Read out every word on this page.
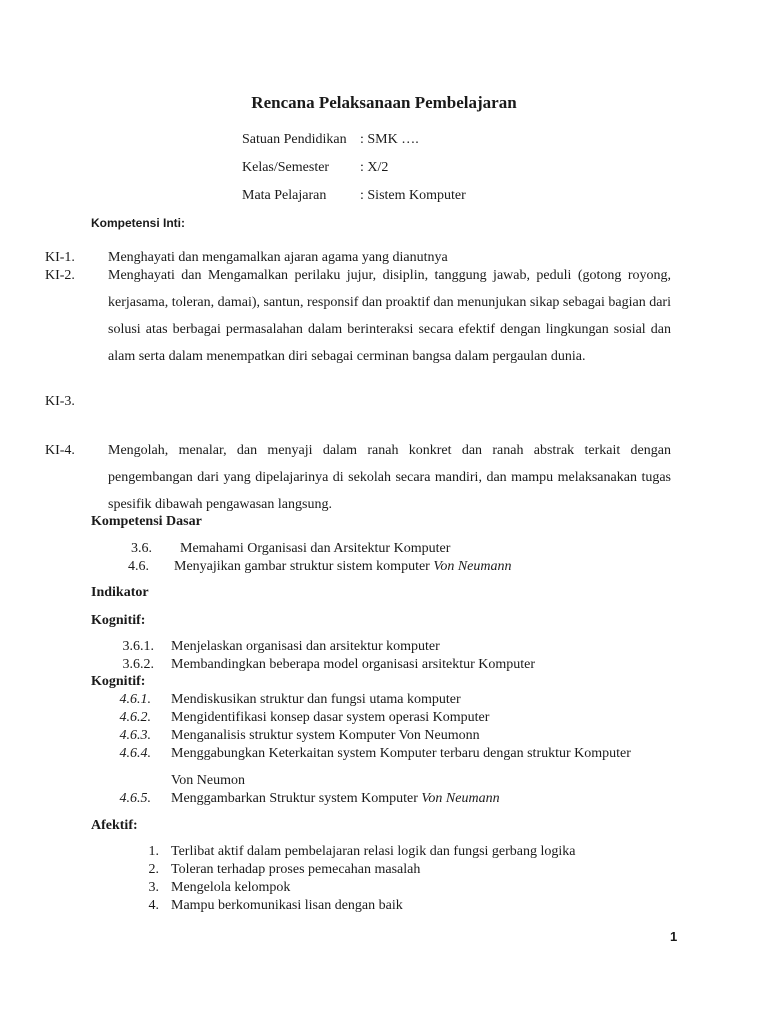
Rencana Pelaksanaan Pembelajaran
Satuan Pendidikan : SMK ….
Kelas/Semester : X/2
Mata Pelajaran : Sistem Komputer
Kompetensi Inti:
KI-1. Menghayati dan mengamalkan ajaran agama yang dianutnya
KI-2. Menghayati dan Mengamalkan perilaku jujur, disiplin, tanggung jawab, peduli (gotong royong, kerjasama, toleran, damai), santun, responsif dan proaktif dan menunjukan sikap sebagai bagian dari solusi atas berbagai permasalahan dalam berinteraksi secara efektif dengan lingkungan sosial dan alam serta dalam menempatkan diri sebagai cerminan bangsa dalam pergaulan dunia.
KI-3.
KI-4. Mengolah, menalar, dan menyaji dalam ranah konkret dan ranah abstrak terkait dengan pengembangan dari yang dipelajarinya di sekolah secara mandiri, dan mampu melaksanakan tugas spesifik dibawah pengawasan langsung.
Kompetensi Dasar
3.6. Memahami Organisasi dan Arsitektur Komputer
4.6. Menyajikan gambar struktur sistem komputer Von Neumann
Indikator
Kognitif:
3.6.1. Menjelaskan organisasi dan arsitektur komputer
3.6.2. Membandingkan beberapa model organisasi arsitektur Komputer
Kognitif:
4.6.1. Mendiskusikan struktur dan fungsi utama komputer
4.6.2. Mengidentifikasi konsep dasar system operasi Komputer
4.6.3. Menganalisis struktur system Komputer Von Neumonn
4.6.4. Menggabungkan Keterkaitan system Komputer terbaru dengan struktur Komputer
Von Neumon
4.6.5. Menggambarkan Struktur system Komputer Von Neumann
Afektif:
1. Terlibat aktif dalam pembelajaran relasi logik dan fungsi gerbang logika
2. Toleran terhadap proses pemecahan masalah
3. Mengelola kelompok
4. Mampu berkomunikasi lisan dengan baik
1
